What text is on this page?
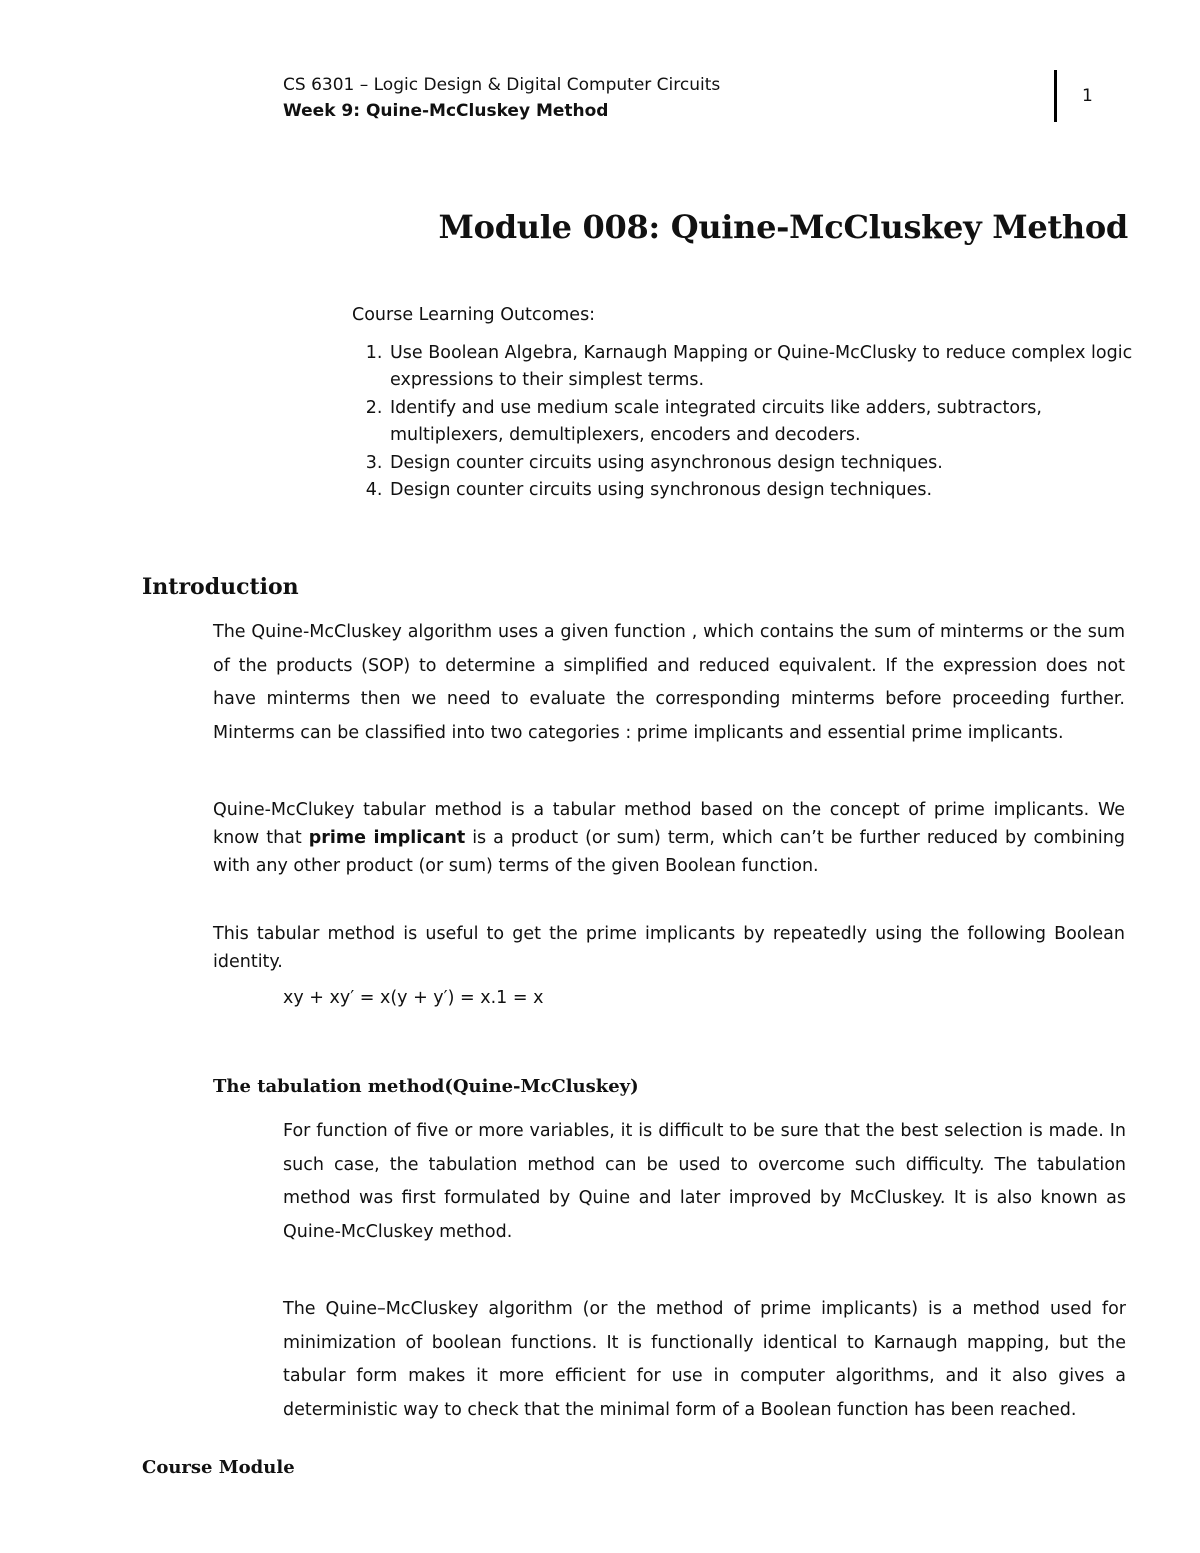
CS 6301 – Logic Design & Digital Computer Circuits
Week 9: Quine-McCluskey Method
1
Module 008: Quine-McCluskey Method
Course Learning Outcomes:
1. Use Boolean Algebra, Karnaugh Mapping or Quine-McClusky to reduce complex logic expressions to their simplest terms.
2. Identify and use medium scale integrated circuits like adders, subtractors, multiplexers, demultiplexers, encoders and decoders.
3. Design counter circuits using asynchronous design techniques.
4. Design counter circuits using synchronous design techniques.
Introduction
The Quine-McCluskey algorithm uses a given function , which contains the sum of minterms or the sum of the products (SOP) to determine a simplified and reduced equivalent. If the expression does not have minterms then we need to evaluate the corresponding minterms before proceeding further. Minterms can be classified into two categories : prime implicants and essential prime implicants.
Quine-McClukey tabular method is a tabular method based on the concept of prime implicants. We know that prime implicant is a product (or sum) term, which can’t be further reduced by combining with any other product (or sum) terms of the given Boolean function.
This tabular method is useful to get the prime implicants by repeatedly using the following Boolean identity.
xy + xy′ = x(y + y′) = x.1 = x
The tabulation method(Quine-McCluskey)
For function of five or more variables, it is difficult to be sure that the best selection is made. In such case, the tabulation method can be used to overcome such difficulty. The tabulation method was first formulated by Quine and later improved by McCluskey. It is also known as Quine-McCluskey method.
The Quine–McCluskey algorithm (or the method of prime implicants) is a method used for minimization of boolean functions. It is functionally identical to Karnaugh mapping, but the tabular form makes it more efficient for use in computer algorithms, and it also gives a deterministic way to check that the minimal form of a Boolean function has been reached.
Course Module
